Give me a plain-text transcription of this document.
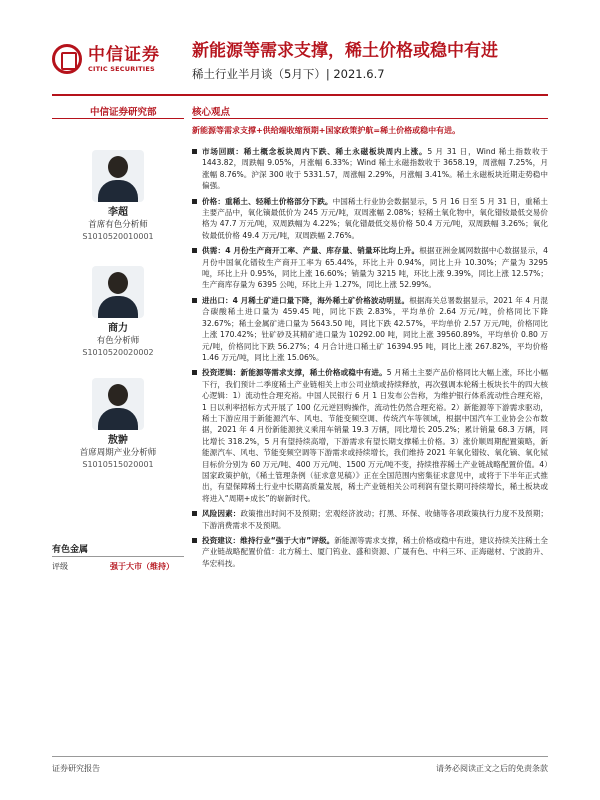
中信证券
CITIC SECURITIES
新能源等需求支撑，稀土价格或稳中有进
稀土行业半月谈（5月下）| 2021.6.7
中信证券研究部
李超
首席有色分析师
S1010520010001
商力
有色分析师
S1010520020002
敖翀
首席周期产业分析师
S1010515020001
有色金属
评级	强于大市（维持）
核心观点
新能源等需求支撑+供给端收缩预期+国家政策护航=稀土价格或稳中有进。
市场回顾：稀土概念板块周内下跌、稀土永磁板块周内上涨。5 月 31 日，Wind 稀土指数收于 1443.82，周跌幅 9.05%，月涨幅 6.33%；Wind 稀土永磁指数收于 3658.19，周涨幅 7.25%，月涨幅 8.76%。沪深 300 收于 5331.57，周涨幅 2.29%，月涨幅 3.41%。稀土永磁板块近期走势稳中偏强。
价格：重稀土、轻稀土价格部分下跌。中国稀土行业协会数据显示，5 月 16 日至 5 月 31 日，重稀土主要产品中，氧化镝最低价为 245 万元/吨，双周涨幅 2.08%；轻稀土氧化物中，氧化镨钕最低交易价格为 47.7 万元/吨，双周跌幅为 4.22%；氧化镨最低交易价格 50.4 万元/吨，双周跌幅 3.26%；氧化钕最低价格 49.4 万元/吨，双周跌幅 2.76%。
供需：4 月份生产商开工率、产量、库存量、销量环比均上升。根据亚洲金属网数据中心数据显示，4 月份中国氧化镨钕生产商开工率为 65.44%，环比上升 0.94%，同比上升 10.30%；产量为 3295 吨，环比上升 0.95%，同比上涨 16.60%；销量为 3215 吨，环比上涨 9.39%，同比上涨 12.57%；生产商库存量为 6395 公吨，环比上升 1.27%，同比上涨 52.99%。
进出口：4 月稀土矿进口量下降，海外稀土矿价格波动明显。根据海关总署数据显示，2021 年 4 月混合碳酸稀土进口量为 459.45 吨，同比下跌 2.83%，平均单价 2.64 万元/吨，价格同比下降 32.67%；稀土金属矿进口量为 5643.50 吨，同比下跌 42.57%，平均单价 2.57 万元/吨，价格同比上涨 170.42%；钍矿砂及其精矿进口量为 10292.00 吨，同比上涨 39560.89%，平均单价 0.80 万元/吨，价格同比下跌 56.27%；4 月合计进口稀土矿 16394.95 吨，同比上涨 267.82%，平均价格 1.46 万元/吨，同比上涨 15.06%。
投资逻辑：新能源等需求支撑，稀土价格或稳中有进。5 月稀土主要产品价格同比大幅上涨，环比小幅下行，我们预计二季度稀土产业链相关上市公司业绩或持续释放，再次强调本轮稀土板块长牛的四大核心逻辑：1）流动性合理充裕。中国人民银行 6 月 1 日发布公告称，为维护银行体系流动性合理充裕，1 日以利率招标方式开展了 100 亿元逆回购操作，流动性仍然合理充裕。2）新能源等下游需求驱动，稀土下游应用于新能源汽车、风电、节能变频空调、传统汽车等领域，根据中国汽车工业协会公布数据，2021 年 4 月份新能源狭义乘用车销量 19.3 万辆，同比增长 205.2%；累计销量 68.3 万辆，同比增长 318.2%，5 月有望持续高增，下游需求有望长期支撑稀土价格。3）涨价顺周期配置策略，新能源汽车、风电、节能变频空调等下游需求或持续增长，我们维持 2021 年氧化镨钕、氧化镝、氧化铽目标价分别为 60 万元/吨、400 万元/吨、1500 万元/吨不变，持续推荐稀土产业链战略配置价值。4）国家政策护航，《稀土管理条例（征求意见稿）》正在全国范围内密集征求意见中，或将于下半年正式推出，有望保障稀土行业中长期高质量发展，稀土产业链相关公司利润有望长期可持续增长，稀土板块或将进入“周期+成长”的崭新时代。
风险因素：政策推出时间不及预期；宏观经济波动；打黑、环保、收储等各项政策执行力度不及预期；下游消费需求不及预期。
投资建议：维持行业“强于大市”评级。新能源等需求支撑，稀土价格或稳中有进，建议持续关注稀土全产业链战略配置价值：北方稀土、厦门钨业、盛和资源、广晟有色、中科三环、正海磁材、宁波韵升、华宏科技。
证券研究报告	请务必阅读正文之后的免责条款
